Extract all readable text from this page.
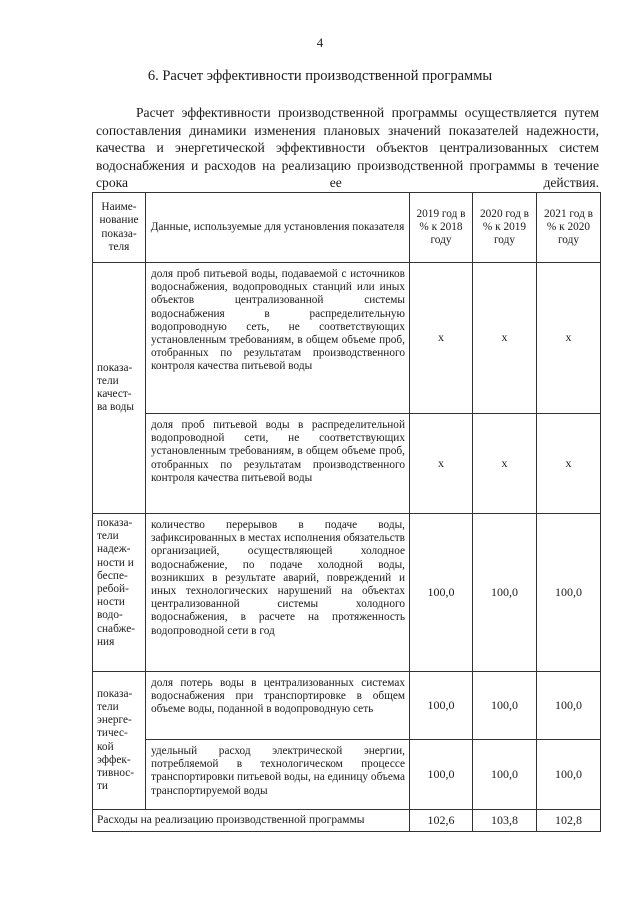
4
6. Расчет эффективности производственной программы
Расчет эффективности производственной программы осуществляется путем сопоставления динамики изменения плановых значений показателей надежности, качества и энергетической эффективности объектов централизованных систем водоснабжения и расходов на реализацию производственной программы в течение срока ее действия.
Наиме-нование показа-теля	Данные, используемые для установления показателя	2019 год в % к 2018 году	2020 год в % к 2019 году	2021 год в % к 2020 году
показа-тели качест-ва воды	доля проб питьевой воды, подаваемой с источников водоснабжения, водопроводных станций или иных объектов централизованной системы водоснабжения в распределительную водопроводную сеть, не соответствующих установленным требованиям, в общем объеме проб, отобранных по результатам производственного контроля качества питьевой воды	х	х	х
	доля проб питьевой воды в распределительной водопроводной сети, не соответствующих установленным требованиям, в общем объеме проб, отобранных по результатам производственного контроля качества питьевой воды	х	х	х
показа-тели надеж-ности и беспе-ребой-ности водо-снабже-ния	количество перерывов в подаче воды, зафиксированных в местах исполнения обязательств организацией, осуществляющей холодное водоснабжение, по подаче холодной воды, возникших в результате аварий, повреждений и иных технологических нарушений на объектах централизованной системы холодного водоснабжения, в расчете на протяженность водопроводной сети в год	100,0	100,0	100,0
показа-тели энерге-тичес-кой эффек-тивнос-ти	доля потерь воды в централизованных системах водоснабжения при транспортировке в общем объеме воды, поданной в водопроводную сеть	100,0	100,0	100,0
	удельный расход электрической энергии, потребляемой в технологическом процессе транспортировки питьевой воды, на единицу объема транспортируемой воды	100,0	100,0	100,0
Расходы на реализацию производственной программы		102,6	103,8	102,8
